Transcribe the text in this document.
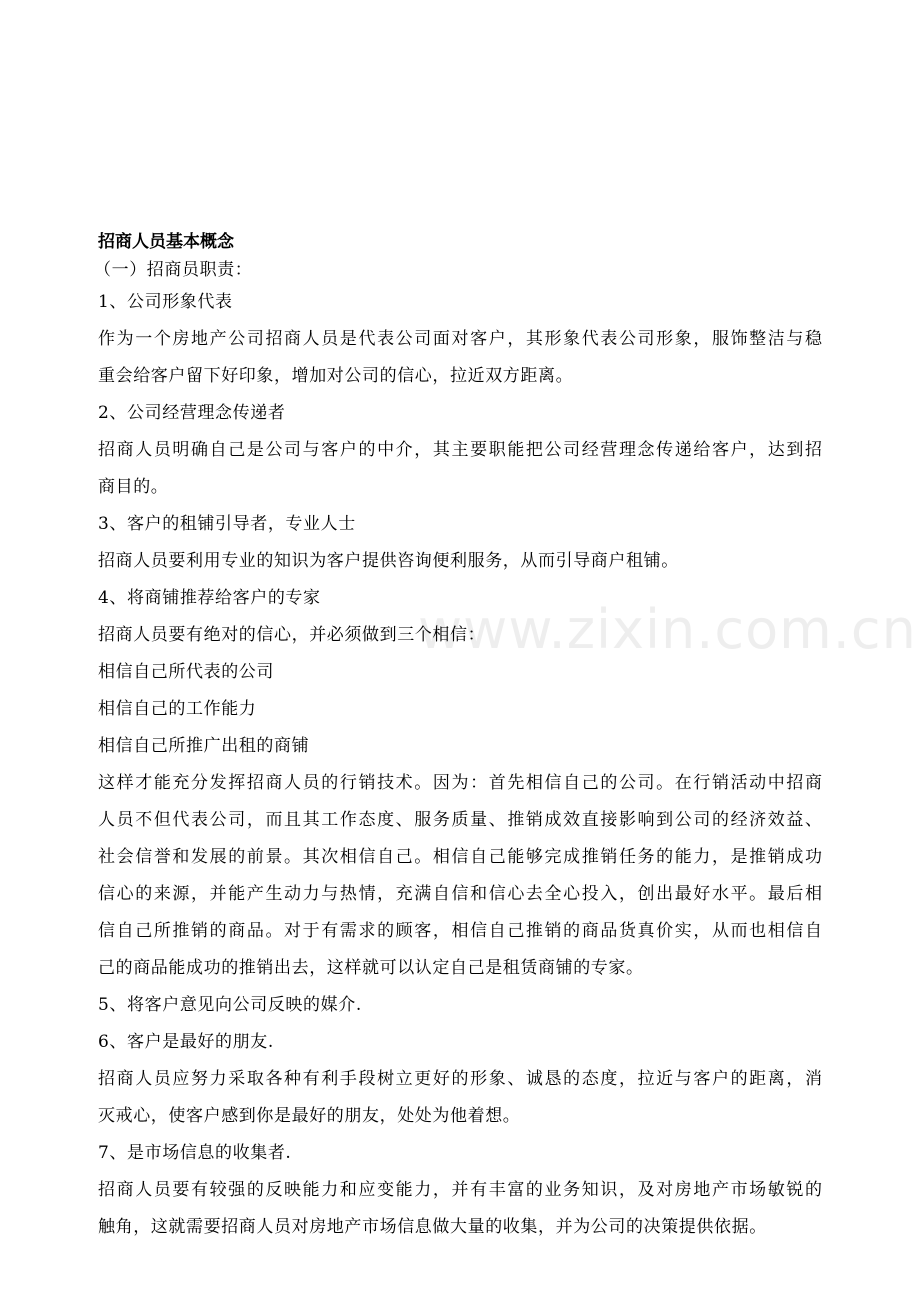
www.zixin.com.cn

招商人员基本概念

（一）招商员职责：

1、公司形象代表

作为一个房地产公司招商人员是代表公司面对客户，其形象代表公司形象，服饰整洁与稳

重会给客户留下好印象，增加对公司的信心，拉近双方距离。

2、公司经营理念传递者

招商人员明确自己是公司与客户的中介，其主要职能把公司经营理念传递给客户，达到招

商目的。

3、客户的租铺引导者，专业人士

招商人员要利用专业的知识为客户提供咨询便利服务，从而引导商户租铺。

4、将商铺推荐给客户的专家

招商人员要有绝对的信心，并必须做到三个相信：

相信自己所代表的公司

相信自己的工作能力

相信自己所推广出租的商铺

这样才能充分发挥招商人员的行销技术。因为：首先相信自己的公司。在行销活动中招商

人员不但代表公司，而且其工作态度、服务质量、推销成效直接影响到公司的经济效益、

社会信誉和发展的前景。其次相信自己。相信自己能够完成推销任务的能力，是推销成功

信心的来源，并能产生动力与热情，充满自信和信心去全心投入，创出最好水平。最后相

信自己所推销的商品。对于有需求的顾客，相信自己推销的商品货真价实，从而也相信自

己的商品能成功的推销出去，这样就可以认定自己是租赁商铺的专家。

5、将客户意见向公司反映的媒介.

6、客户是最好的朋友.

招商人员应努力采取各种有利手段树立更好的形象、诚恳的态度，拉近与客户的距离，消

灭戒心，使客户感到你是最好的朋友，处处为他着想。

7、是市场信息的收集者.

招商人员要有较强的反映能力和应变能力，并有丰富的业务知识，及对房地产市场敏锐的

触角，这就需要招商人员对房地产市场信息做大量的收集，并为公司的决策提供依据。
